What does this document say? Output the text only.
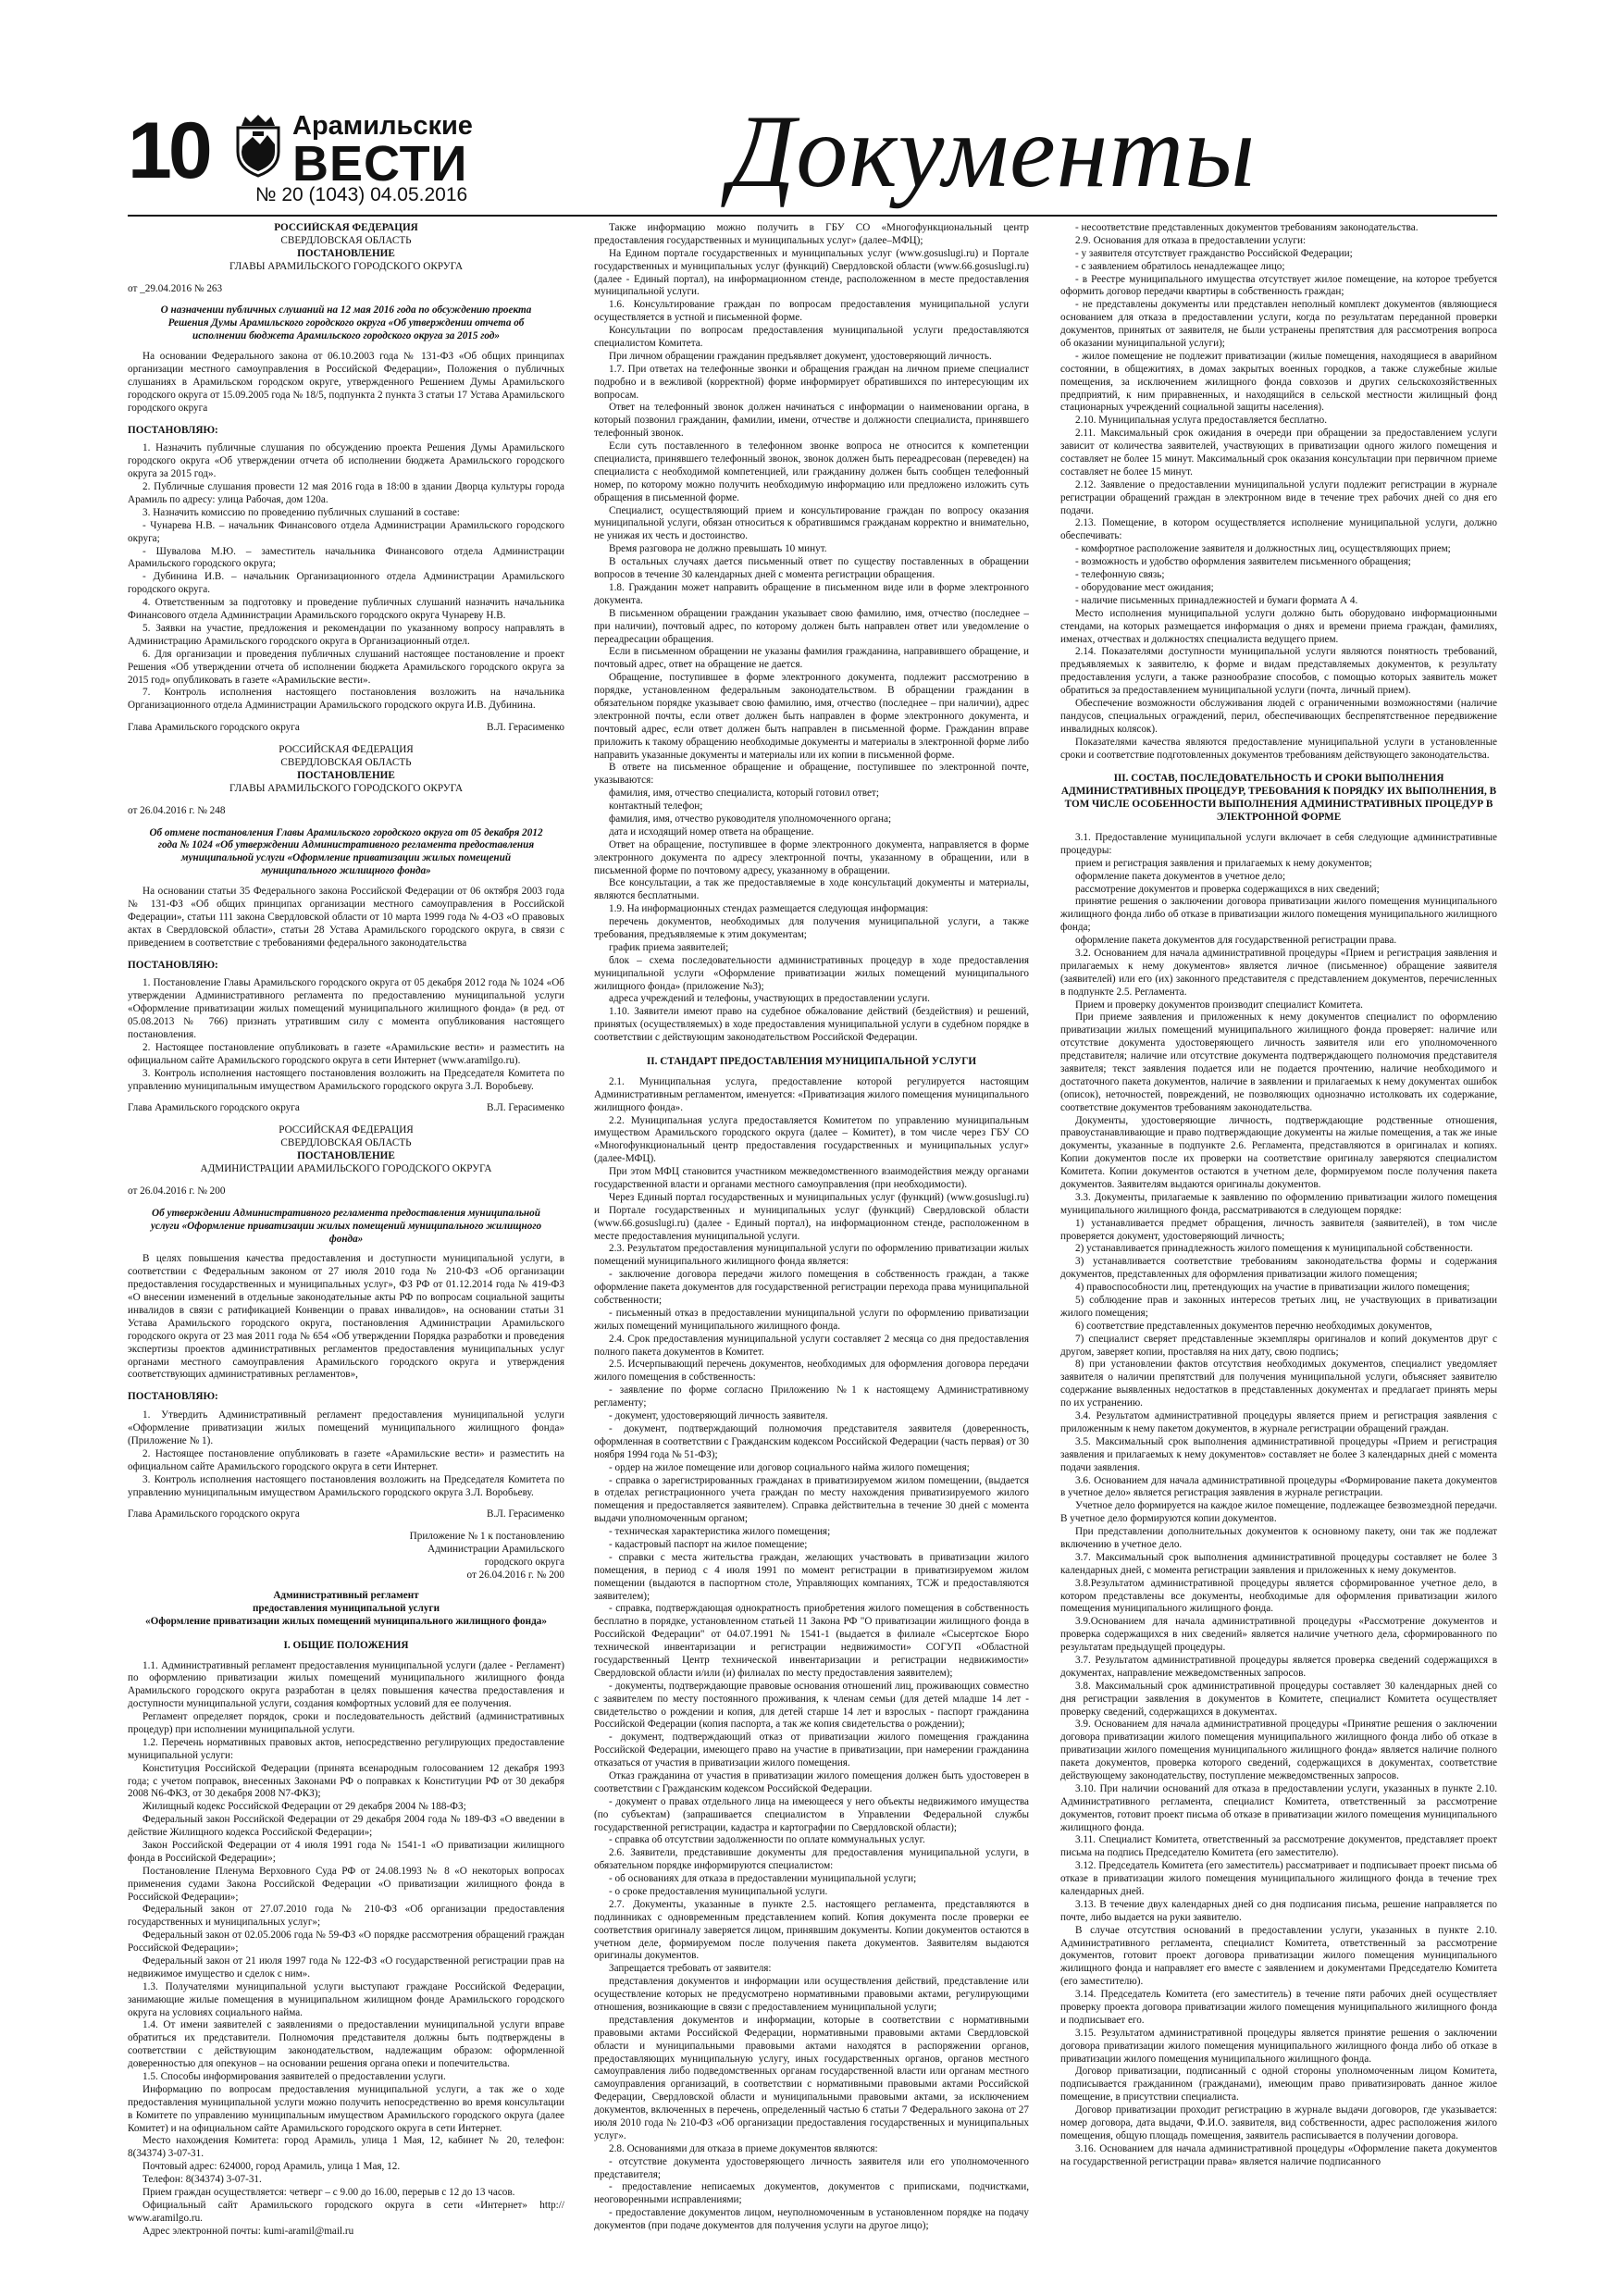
10	Арамильские
ВЕСТИ
№ 20 (1043) 04.05.2016	Документы

РОССИЙСКАЯ ФЕДЕРАЦИЯ

СВЕРДЛОВСКАЯ ОБЛАСТЬ

ПОСТАНОВЛЕНИЕ

ГЛАВЫ АРАМИЛЬСКОГО ГОРОДСКОГО ОКРУГА

от _29.04.2016 № 263

О назначении публичных слушаний на 12 мая 2016 года по обсуждению проекта Решения Думы Арамильского городского округа «Об утверждении отчета об исполнении бюджета Арамильского городского округа за 2015 год»

На основании Федерального закона от 06.10.2003 года № 131-ФЗ «Об общих принципах организации местного самоуправления в Российской Федерации», Положения о публичных слушаниях в Арамильском городском округе, утвержденного Решением Думы Арамильского городского округа от 15.09.2005 года № 18/5, подпункта 2 пункта 3 статьи 17 Устава Арамильского городского округа

ПОСТАНОВЛЯЮ:

1. Назначить публичные слушания по обсуждению проекта Решения Думы Арамильского городского округа «Об утверждении отчета об исполнении бюджета Арамильского городского округа за 2015 год».

2. Публичные слушания провести 12 мая 2016 года в 18:00 в здании Дворца культуры города Арамиль по адресу: улица Рабочая, дом 120а.

3. Назначить комиссию по проведению публичных слушаний в составе:

- Чунарева Н.В. – начальник Финансового отдела Администрации Арамильского городского округа;

- Шувалова М.Ю. – заместитель начальника Финансового отдела Администрации Арамильского городского округа;

- Дубинина И.В. – начальник Организационного отдела Администрации Арамильского городского округа.

4. Ответственным за подготовку и проведение публичных слушаний назначить начальника Финансового отдела Администрации Арамильского городского округа Чунареву Н.В.

5. Заявки на участие, предложения и рекомендации по указанному вопросу направлять в Администрацию Арамильского городского округа в Организационный отдел.

6. Для организации и проведения публичных слушаний настоящее постановление и проект Решения «Об утверждении отчета об исполнении бюджета Арамильского городского округа за 2015 год» опубликовать в газете «Арамильские вести».

7. Контроль исполнения настоящего постановления возложить на начальника Организационного отдела Администрации Арамильского городского округа И.В. Дубинина.

Глава Арамильского городского округа	В.Л. Герасименко

РОССИЙСКАЯ ФЕДЕРАЦИЯ

СВЕРДЛОВСКАЯ ОБЛАСТЬ

ПОСТАНОВЛЕНИЕ

ГЛАВЫ АРАМИЛЬСКОГО ГОРОДСКОГО ОКРУГА

от 26.04.2016 г. № 248

Об отмене постановления Главы Арамильского городского округа от 05 декабря 2012 года № 1024 «Об утверждении Административного регламента предоставления муниципальной услуги «Оформление приватизации жилых помещений муниципального жилищного фонда»

На основании статьи 35 Федерального закона Российской Федерации от 06 октября 2003 года № 131-ФЗ «Об общих принципах организации местного самоуправления в Российской Федерации», статьи 111 закона Свердловской области от 10 марта 1999 года № 4-ОЗ «О правовых актах в Свердловской области», статьи 28 Устава Арамильского городского округа, в связи с приведением в соответствие с требованиями федерального законодательства

ПОСТАНОВЛЯЮ:

1. Постановление Главы Арамильского городского округа от 05 декабря 2012 года № 1024 «Об утверждении Административного регламента по предоставлению муниципальной услуги «Оформление приватизации жилых помещений муниципального жилищного фонда» (в ред. от 05.08.2013 № 766) признать утратившим силу с момента опубликования настоящего постановления.

2. Настоящее постановление опубликовать в газете «Арамильские вести» и разместить на официальном сайте Арамильского городского округа в сети Интернет (www.aramilgo.ru).

3. Контроль исполнения настоящего постановления возложить на Председателя Комитета по управлению муниципальным имуществом Арамильского городского округа З.Л. Воробьеву.

Глава Арамильского городского округа	В.Л. Герасименко

РОССИЙСКАЯ ФЕДЕРАЦИЯ

СВЕРДЛОВСКАЯ ОБЛАСТЬ

ПОСТАНОВЛЕНИЕ

АДМИНИСТРАЦИИ АРАМИЛЬСКОГО ГОРОДСКОГО ОКРУГА

от 26.04.2016 г. № 200

Об утверждении Административного регламента предоставления муниципальной услуги «Оформление приватизации жилых помещений муниципального жилищного фонда»

В целях повышения качества предоставления и доступности муниципальной услуги, в соответствии с Федеральным законом от 27 июля 2010 года № 210-ФЗ «Об организации предоставления государственных и муниципальных услуг», ФЗ РФ от 01.12.2014 года № 419-ФЗ «О внесении изменений в отдельные законодательные акты РФ по вопросам социальной защиты инвалидов в связи с ратификацией Конвенции о правах инвалидов», на основании статьи 31 Устава Арамильского городского округа, постановления Администрации Арамильского городского округа от 23 мая 2011 года № 654 «Об утверждении Порядка разработки и проведения экспертизы проектов административных регламентов предоставления муниципальных услуг органами местного самоуправления Арамильского городского округа и утверждения соответствующих административных регламентов»,

ПОСТАНОВЛЯЮ:

1. Утвердить Административный регламент предоставления муниципальной услуги «Оформление приватизации жилых помещений муниципального жилищного фонда» (Приложение № 1).

2. Настоящее постановление опубликовать в газете «Арамильские вести» и разместить на официальном сайте Арамильского городского округа в сети Интернет.

3. Контроль исполнения настоящего постановления возложить на Председателя Комитета по управлению муниципальным имуществом Арамильского городского округа З.Л. Воробьеву.

Глава Арамильского городского округа	В.Л. Герасименко

Приложение № 1 к постановлению

Администрации Арамильского

городского округа

от 26.04.2016 г. № 200

Административный регламент

предоставления муниципальной услуги

«Оформление приватизации жилых помещений муниципального жилищного фонда»

I. ОБЩИЕ ПОЛОЖЕНИЯ

1.1. Административный регламент предоставления муниципальной услуги (далее - Регламент) по оформлению приватизации жилых помещений муниципального жилищного фонда Арамильского городского округа разработан в целях повышения качества предоставления и доступности муниципальной услуги, создания комфортных условий для ее получения.

Регламент определяет порядок, сроки и последовательность действий (административных процедур) при исполнении муниципальной услуги.

1.2. Перечень нормативных правовых актов, непосредственно регулирующих предоставление муниципальной услуги:

Конституция Российской Федерации (принята всенародным голосованием 12 декабря 1993 года; с учетом поправок, внесенных Законами РФ о поправках к Конституции РФ от 30 декабря 2008 N6-ФКЗ, от 30 декабря 2008 N7-ФКЗ);

Жилищный кодекс Российской Федерации от 29 декабря 2004 № 188-ФЗ;

Федеральный закон Российской Федерации от 29 декабря 2004 года № 189-ФЗ «О введении в действие Жилищного кодекса Российской Федерации»;

Закон Российской Федерации от 4 июля 1991 года № 1541-1 «О приватизации жилищного фонда в Российской Федерации»;

Постановление Пленума Верховного Суда РФ от 24.08.1993 № 8 «О некоторых вопросах применения судами Закона Российской Федерации «О приватизации жилищного фонда в Российской Федерации»;

Федеральный закон от 27.07.2010 года № 210-ФЗ «Об организации предоставления государственных и муниципальных услуг»;

Федеральный закон от 02.05.2006 года № 59-ФЗ «О порядке рассмотрения обращений граждан Российской Федерации»;

Федеральный закон от 21 июля 1997 года № 122-ФЗ «О государственной регистрации прав на недвижимое имущество и сделок с ним».

1.3. Получателями муниципальной услуги выступают граждане Российской Федерации, занимающие жилые помещения в муниципальном жилищном фонде Арамильского городского округа на условиях социального найма.

1.4. От имени заявителей с заявлениями о предоставлении муниципальной услуги вправе обратиться их представители. Полномочия представителя должны быть подтверждены в соответствии с действующим законодательством, надлежащим образом: оформленной доверенностью для опекунов – на основании решения органа опеки и попечительства.

1.5. Способы информирования заявителей о предоставлении услуги.

Информацию по вопросам предоставления муниципальной услуги, а так же о ходе предоставления муниципальной услуги можно получить непосредственно во время консультации в Комитете по управлению муниципальным имуществом Арамильского городского округа (далее Комитет) и на официальном сайте Арамильского городского округа в сети Интернет.

Место нахождения Комитета: город Арамиль, улица 1 Мая, 12, кабинет № 20, телефон: 8(34374) 3-07-31.

Почтовый адрес: 624000, город Арамиль, улица 1 Мая, 12.

Телефон: 8(34374) 3-07-31.

Прием граждан осуществляется: четверг – с 9.00 до 16.00, перерыв с 12 до 13 часов.

Официальный сайт Арамильского городского округа в сети «Интернет» http:// www.aramilgo.ru.

Адрес электронной почты: kumi-aramil@mail.ru

Также информацию можно получить в ГБУ СО «Многофункциональный центр предоставления государственных и муниципальных услуг» (далее–МФЦ);

На Едином портале государственных и муниципальных услуг (www.gosuslugi.ru) и Портале государственных и муниципальных услуг (функций) Свердловской области (www.66.gosuslugi.ru) (далее - Единый портал), на информационном стенде, расположенном в месте предоставления муниципальной услуги.

1.6. Консультирование граждан по вопросам предоставления муниципальной услуги осуществляется в устной и письменной форме.

Консультации по вопросам предоставления муниципальной услуги предоставляются специалистом Комитета.

При личном обращении гражданин предъявляет документ, удостоверяющий личность.

1.7. При ответах на телефонные звонки и обращения граждан на личном приеме специалист подробно и в вежливой (корректной) форме информирует обратившихся по интересующим их вопросам.

Ответ на телефонный звонок должен начинаться с информации о наименовании органа, в который позвонил гражданин, фамилии, имени, отчестве и должности специалиста, принявшего телефонный звонок.

Если суть поставленного в телефонном звонке вопроса не относится к компетенции специалиста, принявшего телефонный звонок, звонок должен быть переадресован (переведен) на специалиста с необходимой компетенцией, или гражданину должен быть сообщен телефонный номер, по которому можно получить необходимую информацию или предложено изложить суть обращения в письменной форме.

Специалист, осуществляющий прием и консультирование граждан по вопросу оказания муниципальной услуги, обязан относиться к обратившимся гражданам корректно и внимательно, не унижая их честь и достоинство.

Время разговора не должно превышать 10 минут.

В остальных случаях дается письменный ответ по существу поставленных в обращении вопросов в течение 30 календарных дней с момента регистрации обращения.

1.8. Гражданин может направить обращение в письменном виде или в форме электронного документа.

В письменном обращении гражданин указывает свою фамилию, имя, отчество (последнее – при наличии), почтовый адрес, по которому должен быть направлен ответ или уведомление о переадресации обращения.

Если в письменном обращении не указаны фамилия гражданина, направившего обращение, и почтовый адрес, ответ на обращение не дается.

Обращение, поступившее в форме электронного документа, подлежит рассмотрению в порядке, установленном федеральным законодательством. В обращении гражданин в обязательном порядке указывает свою фамилию, имя, отчество (последнее – при наличии), адрес электронной почты, если ответ должен быть направлен в форме электронного документа, и почтовый адрес, если ответ должен быть направлен в письменной форме. Гражданин вправе приложить к такому обращению необходимые документы и материалы в электронной форме либо направить указанные документы и материалы или их копии в письменной форме.

В ответе на письменное обращение и обращение, поступившее по электронной почте, указываются:

фамилия, имя, отчество специалиста, который готовил ответ;

контактный телефон;

фамилия, имя, отчество руководителя уполномоченного органа;

дата и исходящий номер ответа на обращение.

Ответ на обращение, поступившее в форме электронного документа, направляется в форме электронного документа по адресу электронной почты, указанному в обращении, или в письменной форме по почтовому адресу, указанному в обращении.

Все консультации, а так же предоставляемые в ходе консультаций документы и материалы, являются бесплатными.

1.9. На информационных стендах размещается следующая информация:

перечень документов, необходимых для получения муниципальной услуги, а также требования, предъявляемые к этим документам;

график приема заявителей;

блок – схема последовательности административных процедур в ходе предоставления муниципальной услуги «Оформление приватизации жилых помещений муниципального жилищного фонда» (приложение №3);

адреса учреждений и телефоны, участвующих в предоставлении услуги.

1.10. Заявители имеют право на судебное обжалование действий (бездействия) и решений, принятых (осуществляемых) в ходе предоставления муниципальной услуги в судебном порядке в соответствии с действующим законодательством Российской Федерации.

II. СТАНДАРТ ПРЕДОСТАВЛЕНИЯ МУНИЦИПАЛЬНОЙ УСЛУГИ

2.1. Муниципальная услуга, предоставление которой регулируется настоящим Административным регламентом, именуется: «Приватизация жилого помещения муниципального жилищного фонда».

2.2. Муниципальная услуга предоставляется Комитетом по управлению муниципальным имуществом Арамильского городского округа (далее – Комитет), в том числе через ГБУ СО «Многофункциональный центр предоставления государственных и муниципальных услуг» (далее-МФЦ).

При этом МФЦ становится участником межведомственного взаимодействия между органами государственной власти и органами местного самоуправления (при необходимости).

Через Единый портал государственных и муниципальных услуг (функций) (www.gosuslugi.ru) и Портале государственных и муниципальных услуг (функций) Свердловской области (www.66.gosuslugi.ru) (далее - Единый портал), на информационном стенде, расположенном в месте предоставления муниципальной услуги.

2.3. Результатом предоставления муниципальной услуги по оформлению приватизации жилых помещений муниципального жилищного фонда является:

- заключение договора передачи жилого помещения в собственность граждан, а также оформление пакета документов для государственной регистрации перехода права муниципальной собственности;

- письменный отказ в предоставлении муниципальной услуги по оформлению приватизации жилых помещений муниципального жилищного фонда.

2.4. Срок предоставления муниципальной услуги составляет 2 месяца со дня предоставления полного пакета документов в Комитет.

2.5. Исчерпывающий перечень документов, необходимых для оформления договора передачи жилого помещения в собственность:

- заявление по форме согласно Приложению №1 к настоящему Административному регламенту;

- документ, удостоверяющий личность заявителя.

- документ, подтверждающий полномочия представителя заявителя (доверенность, оформленная в соответствии с Гражданским кодексом Российской Федерации (часть первая) от 30 ноября 1994 года № 51-ФЗ);

- ордер на жилое помещение или договор социального найма жилого помещения;

- справка о зарегистрированных гражданах в приватизируемом жилом помещении, (выдается в отделах регистрационного учета граждан по месту нахождения приватизируемого жилого помещения и предоставляется заявителем). Справка действительна в течение 30 дней с момента выдачи уполномоченным органом;

- техническая характеристика жилого помещения;

- кадастровый паспорт на жилое помещение;

- справки с места жительства граждан, желающих участвовать в приватизации жилого помещения, в период с 4 июля 1991 по момент регистрации в приватизируемом жилом помещении (выдаются в паспортном столе, Управляющих компаниях, ТСЖ и предоставляются заявителем);

- справка, подтверждающая однократность приобретения жилого помещения в собственность бесплатно в порядке, установленном статьей 11 Закона РФ "О приватизации жилищного фонда в Российской Федерации" от 04.07.1991 № 1541-1 (выдается в филиале «Сысертское Бюро технической инвентаризации и регистрации недвижимости» СОГУП «Областной государственный Центр технической инвентаризации и регистрации недвижимости» Свердловской области и/или (и) филиалах по месту предоставления заявителем);

- документы, подтверждающие правовые основания отношений лиц, проживающих совместно с заявителем по месту постоянного проживания, к членам семьи (для детей младше 14 лет - свидетельство о рождении и копия, для детей старше 14 лет и взрослых - паспорт гражданина Российской Федерации (копия паспорта, а так же копия свидетельства о рождении);

- документ, подтверждающий отказ от приватизации жилого помещения гражданина Российской Федерации, имеющего право на участие в приватизации, при намерении гражданина отказаться от участия в приватизации жилого помещения.

Отказ гражданина от участия в приватизации жилого помещения должен быть удостоверен в соответствии с Гражданским кодексом Российской Федерации.

- документ о правах отдельного лица на имеющееся у него объекты недвижимого имущества (по субъектам) (запрашивается специалистом в Управлении Федеральной службы государственной регистрации, кадастра и картографии по Свердловской области);

- справка об отсутствии задолженности по оплате коммунальных услуг.

2.6. Заявители, представившие документы для предоставления муниципальной услуги, в обязательном порядке информируются специалистом:

- об основаниях для отказа в предоставлении муниципальной услуги;

- о сроке предоставления муниципальной услуги.

2.7. Документы, указанные в пункте 2.5. настоящего регламента, представляются в подлинниках с одновременным представлением копий. Копия документа после проверки ее соответствия оригиналу заверяется лицом, принявшим документы. Копии документов остаются в учетном деле, формируемом после получения пакета документов. Заявителям выдаются оригиналы документов.

Запрещается требовать от заявителя:

представления документов и информации или осуществления действий, представление или осуществление которых не предусмотрено нормативными правовыми актами, регулирующими отношения, возникающие в связи с предоставлением муниципальной услуги;

представления документов и информации, которые в соответствии с нормативными правовыми актами Российской Федерации, нормативными правовыми актами Свердловской области и муниципальными правовыми актами находятся в распоряжении органов, предоставляющих муниципальную услугу, иных государственных органов, органов местного самоуправления либо подведомственных органам государственной власти или органам местного самоуправления организаций, в соответствии с нормативными правовыми актами Российской Федерации, Свердловской области и муниципальными правовыми актами, за исключением документов, включенных в перечень, определенный частью 6 статьи 7 Федерального закона от 27 июля 2010 года № 210-ФЗ «Об организации предоставления государственных и муниципальных услуг».

2.8. Основаниями для отказа в приеме документов являются:

- отсутствие документа удостоверяющего личность заявителя или его уполномоченного представителя;

- предоставление неписаемых документов, документов с приписками, подчистками, неоговоренными исправлениями;

- предоставление документов лицом, неуполномоченным в установленном порядке на подачу документов (при подаче документов для получения услуги на другое лицо);

- несоответствие представленных документов требованиям законодательства.

2.9. Основания для отказа в предоставлении услуги:

- у заявителя отсутствует гражданство Российской Федерации;

- с заявлением обратилось ненадлежащее лицо;

- в Реестре муниципального имущества отсутствует жилое помещение, на которое требуется оформить договор передачи квартиры в собственность граждан;

- не представлены документы или представлен неполный комплект документов (являющиеся основанием для отказа в предоставлении услуги, когда по результатам переданной проверки документов, принятых от заявителя, не были устранены препятствия для рассмотрения вопроса об оказании муниципальной услуги);

- жилое помещение не подлежит приватизации (жилые помещения, находящиеся в аварийном состоянии, в общежитиях, в домах закрытых военных городков, а также служебные жилые помещения, за исключением жилищного фонда совхозов и других сельскохозяйственных предприятий, к ним приравненных, и находящийся в сельской местности жилищный фонд стационарных учреждений социальной защиты населения).

2.10. Муниципальная услуга предоставляется бесплатно.

2.11. Максимальный срок ожидания в очереди при обращении за предоставлением услуги зависит от количества заявителей, участвующих в приватизации одного жилого помещения и составляет не более 15 минут. Максимальный срок оказания консультации при первичном приеме составляет не более 15 минут.

2.12. Заявление о предоставлении муниципальной услуги подлежит регистрации в журнале регистрации обращений граждан в электронном виде в течение трех рабочих дней со дня его подачи.

2.13. Помещение, в котором осуществляется исполнение муниципальной услуги, должно обеспечивать:

- комфортное расположение заявителя и должностных лиц, осуществляющих прием;

- возможность и удобство оформления заявителем письменного обращения;

- телефонную связь;

- оборудование мест ожидания;

- наличие письменных принадлежностей и бумаги формата А 4.

Место исполнения муниципальной услуги должно быть оборудовано информационными стендами, на которых размещается информация о днях и времени приема граждан, фамилиях, именах, отчествах и должностях специалиста ведущего прием.

2.14. Показателями доступности муниципальной услуги являются понятность требований, предъявляемых к заявителю, к форме и видам представляемых документов, к результату предоставления услуги, а также разнообразие способов, с помощью которых заявитель может обратиться за предоставлением муниципальной услуги (почта, личный прием).

Обеспечение возможности обслуживания людей с ограниченными возможностями (наличие пандусов, специальных ограждений, перил, обеспечивающих беспрепятственное передвижение инвалидных колясок).

Показателями качества являются предоставление муниципальной услуги в установленные сроки и соответствие подготовленных документов требованиям действующего законодательства.

III. СОСТАВ, ПОСЛЕДОВАТЕЛЬНОСТЬ И СРОКИ ВЫПОЛНЕНИЯ АДМИНИСТРАТИВНЫХ ПРОЦЕДУР, ТРЕБОВАНИЯ К ПОРЯДКУ ИХ ВЫПОЛНЕНИЯ, В ТОМ ЧИСЛЕ ОСОБЕННОСТИ ВЫПОЛНЕНИЯ АДМИНИСТРАТИВНЫХ ПРОЦЕДУР В ЭЛЕКТРОННОЙ ФОРМЕ

3.1. Предоставление муниципальной услуги включает в себя следующие административные процедуры:

прием и регистрация заявления и прилагаемых к нему документов;

оформление пакета документов в учетное дело;

рассмотрение документов и проверка содержащихся в них сведений;

принятие решения о заключении договора приватизации жилого помещения муниципального жилищного фонда либо об отказе в приватизации жилого помещения муниципального жилищного фонда;

оформление пакета документов для государственной регистрации права.

3.2. Основанием для начала административной процедуры «Прием и регистрация заявления и прилагаемых к нему документов» является личное (письменное) обращение заявителя (заявителей) или его (их) законного представителя с представлением документов, перечисленных в подпункте 2.5. Регламента.

Прием и проверку документов производит специалист Комитета.

При приеме заявления и приложенных к нему документов специалист по оформлению приватизации жилых помещений муниципального жилищного фонда проверяет: наличие или отсутствие документа удостоверяющего личность заявителя или его уполномоченного представителя; наличие или отсутствие документа подтверждающего полномочия представителя заявителя; текст заявления подается или не подается прочтению, наличие необходимого и достаточного пакета документов, наличие в заявлении и прилагаемых к нему документах ошибок (описок), неточностей, повреждений, не позволяющих однозначно истолковать их содержание, соответствие документов требованиям законодательства.

Документы, удостоверяющие личность, подтверждающие родственные отношения, правоустанавливающие и право подтверждающие документы на жилые помещения, а так же иные документы, указанные в подпункте 2.6. Регламента, представляются в оригиналах и копиях. Копии документов после их проверки на соответствие оригиналу заверяются специалистом Комитета. Копии документов остаются в учетном деле, формируемом после получения пакета документов. Заявителям выдаются оригиналы документов.

3.3. Документы, прилагаемые к заявлению по оформлению приватизации жилого помещения муниципального жилищного фонда, рассматриваются в следующем порядке:

1) устанавливается предмет обращения, личность заявителя (заявителей), в том числе проверяется документ, удостоверяющий личность;

2) устанавливается принадлежность жилого помещения к муниципальной собственности.

3) устанавливается соответствие требованиям законодательства формы и содержания документов, представленных для оформления приватизации жилого помещения;

4) правоспособности лиц, претендующих на участие в приватизации жилого помещения;

5) соблюдение прав и законных интересов третьих лиц, не участвующих в приватизации жилого помещения;

6) соответствие представленных документов перечню необходимых документов,

7) специалист сверяет представленные экземпляры оригиналов и копий документов друг с другом, заверяет копии, проставляя на них дату, свою подпись;

8) при установлении фактов отсутствия необходимых документов, специалист уведомляет заявителя о наличии препятствий для получения муниципальной услуги, объясняет заявителю содержание выявленных недостатков в представленных документах и предлагает принять меры по их устранению.

3.4. Результатом административной процедуры является прием и регистрация заявления с приложенным к нему пакетом документов, в журнале регистрации обращений граждан.

3.5. Максимальный срок выполнения административной процедуры «Прием и регистрация заявления и прилагаемых к нему документов» составляет не более 3 календарных дней с момента подачи заявления.

3.6. Основанием для начала административной процедуры «Формирование пакета документов в учетное дело» является регистрация заявления в журнале регистрации.

Учетное дело формируется на каждое жилое помещение, подлежащее безвозмездной передачи. В учетное дело формируются копии документов.

При представлении дополнительных документов к основному пакету, они так же подлежат включению в учетное дело.

3.7. Максимальный срок выполнения административной процедуры составляет не более 3 календарных дней, с момента регистрации заявления и приложенных к нему документов.

3.8.Результатом административной процедуры является сформированное учетное дело, в котором представлены все документы, необходимые для оформления приватизации жилого помещения муниципального жилищного фонда.

3.9.Основанием для начала административной процедуры «Рассмотрение документов и проверка содержащихся в них сведений» является наличие учетного дела, сформированного по результатам предыдущей процедуры.

3.7. Результатом административной процедуры является проверка сведений содержащихся в документах, направление межведомственных запросов.

3.8. Максимальный срок административной процедуры составляет 30 календарных дней со дня регистрации заявления в документов в Комитете, специалист Комитета осуществляет проверку сведений, содержащихся в документах.

3.9. Основанием для начала административной процедуры «Принятие решения о заключении договора приватизации жилого помещения муниципального жилищного фонда либо об отказе в приватизации жилого помещения муниципального жилищного фонда» является наличие полного пакета документов, проверка которого сведений, содержащихся в документах, соответствие действующему законодательству, поступление межведомственных запросов.

3.10. При наличии оснований для отказа в предоставлении услуги, указанных в пункте 2.10. Административного регламента, специалист Комитета, ответственный за рассмотрение документов, готовит проект письма об отказе в приватизации жилого помещения муниципального жилищного фонда.

3.11. Специалист Комитета, ответственный за рассмотрение документов, представляет проект письма на подпись Председателю Комитета (его заместителю).

3.12. Председатель Комитета (его заместитель) рассматривает и подписывает проект письма об отказе в приватизации жилого помещения муниципального жилищного фонда в течение трех календарных дней.

3.13. В течение двух календарных дней со дня подписания письма, решение направляется по почте, либо выдается на руки заявителю.

В случае отсутствия оснований в предоставлении услуги, указанных в пункте 2.10. Административного регламента, специалист Комитета, ответственный за рассмотрение документов, готовит проект договора приватизации жилого помещения муниципального жилищного фонда и направляет его вместе с заявлением и документами Председателю Комитета (его заместителю).

3.14. Председатель Комитета (его заместитель) в течение пяти рабочих дней осуществляет проверку проекта договора приватизации жилого помещения муниципального жилищного фонда и подписывает его.

3.15. Результатом административной процедуры является принятие решения о заключении договора приватизации жилого помещения муниципального жилищного фонда либо об отказе в приватизации жилого помещения муниципального жилищного фонда.

Договор приватизации, подписанный с одной стороны уполномоченным лицом Комитета, подписывается гражданином (гражданами), имеющим право приватизировать данное жилое помещение, в присутствии специалиста.

Договор приватизации проходит регистрацию в журнале выдачи договоров, где указывается: номер договора, дата выдачи, Ф.И.О. заявителя, вид собственности, адрес расположения жилого помещения, общую площадь помещения, заявитель расписывается в получении договора.

3.16. Основанием для начала административной процедуры «Оформление пакета документов на государственной регистрации права» является наличие подписанного
